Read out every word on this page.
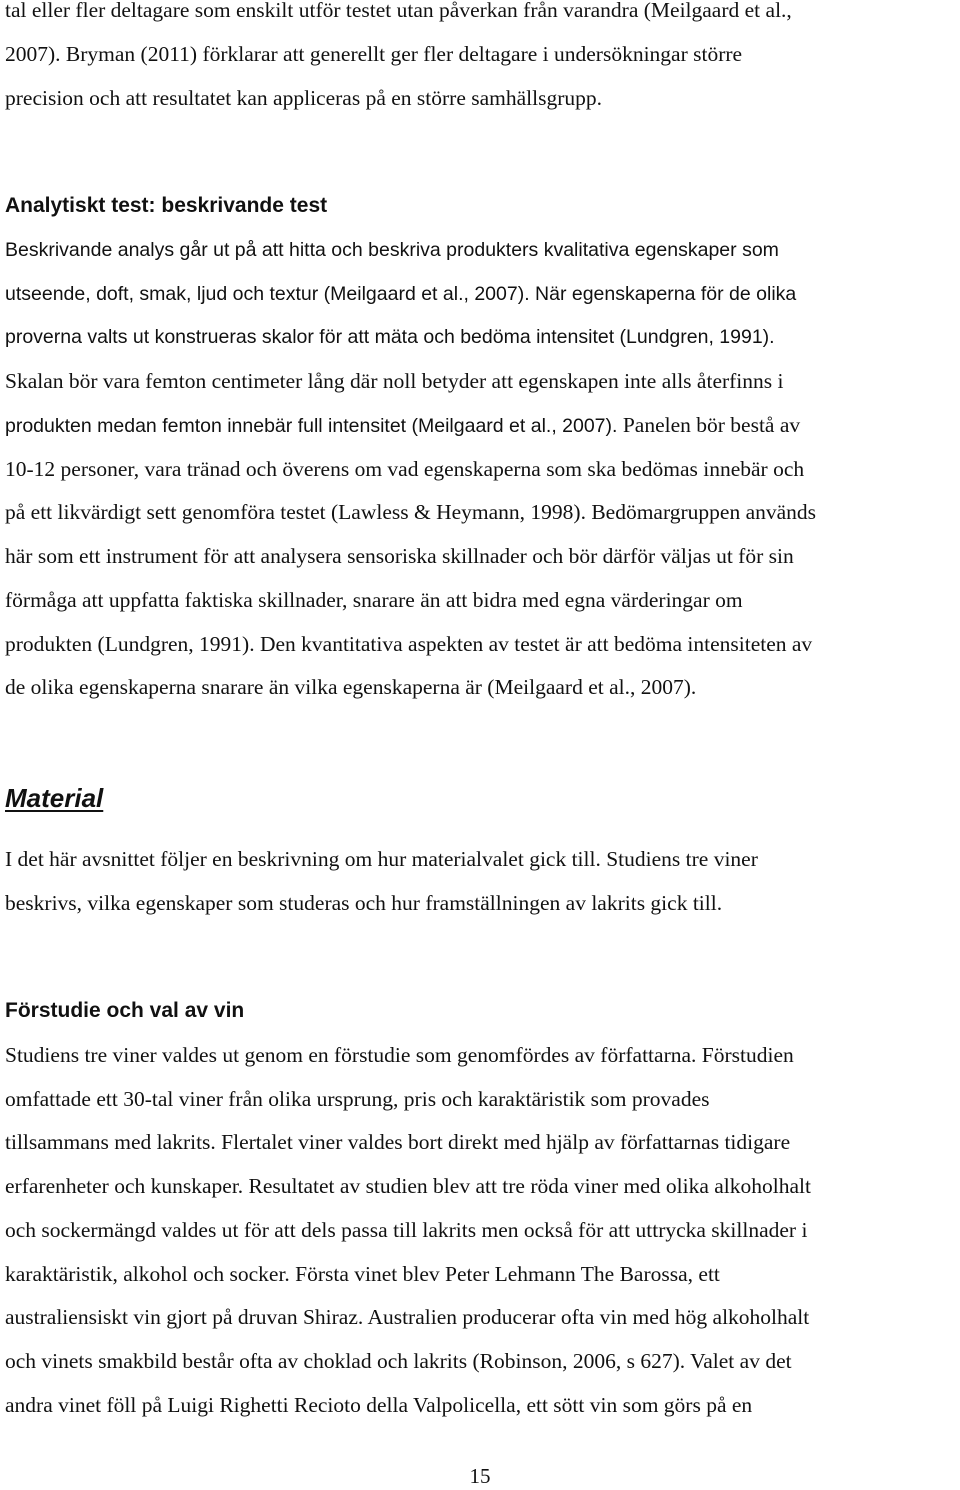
tal eller fler deltagare som enskilt utför testet utan påverkan från varandra (Meilgaard et al.,
2007). Bryman (2011) förklarar att generellt ger fler deltagare i undersökningar större
precision och att resultatet kan appliceras på en större samhällsgrupp.
Analytiskt test: beskrivande test
Beskrivande analys går ut på att hitta och beskriva produkters kvalitativa egenskaper som
utseende, doft, smak, ljud och textur (Meilgaard et al., 2007). När egenskaperna för de olika
proverna valts ut konstrueras skalor för att mäta och bedöma intensitet (Lundgren, 1991).
Skalan bör vara femton centimeter lång där noll betyder att egenskapen inte alls återfinns i
produkten medan femton innebär full intensitet (Meilgaard et al., 2007). Panelen bör bestå av
10-12 personer, vara tränad och överens om vad egenskaperna som ska bedömas innebär och
på ett likvärdigt sett genomföra testet (Lawless & Heymann, 1998). Bedömargruppen används
här som ett instrument för att analysera sensoriska skillnader och bör därför väljas ut för sin
förmåga att uppfatta faktiska skillnader, snarare än att bidra med egna värderingar om
produkten (Lundgren, 1991). Den kvantitativa aspekten av testet är att bedöma intensiteten av
de olika egenskaperna snarare än vilka egenskaperna är (Meilgaard et al., 2007).
Material
I det här avsnittet följer en beskrivning om hur materialvalet gick till. Studiens tre viner
beskrivs, vilka egenskaper som studeras och hur framställningen av lakrits gick till.
Förstudie och val av vin
Studiens tre viner valdes ut genom en förstudie som genomfördes av författarna. Förstudien
omfattade ett 30-tal viner från olika ursprung, pris och karaktäristik som provades
tillsammans med lakrits. Flertalet viner valdes bort direkt med hjälp av författarnas tidigare
erfarenheter och kunskaper. Resultatet av studien blev att tre röda viner med olika alkoholhalt
och sockermängd valdes ut för att dels passa till lakrits men också för att uttrycka skillnader i
karaktäristik, alkohol och socker. Första vinet blev Peter Lehmann The Barossa, ett
australiensiskt vin gjort på druvan Shiraz. Australien producerar ofta vin med hög alkoholhalt
och vinets smakbild består ofta av choklad och lakrits (Robinson, 2006, s 627). Valet av det
andra vinet föll på Luigi Righetti Recioto della Valpolicella, ett sött vin som görs på en
15
